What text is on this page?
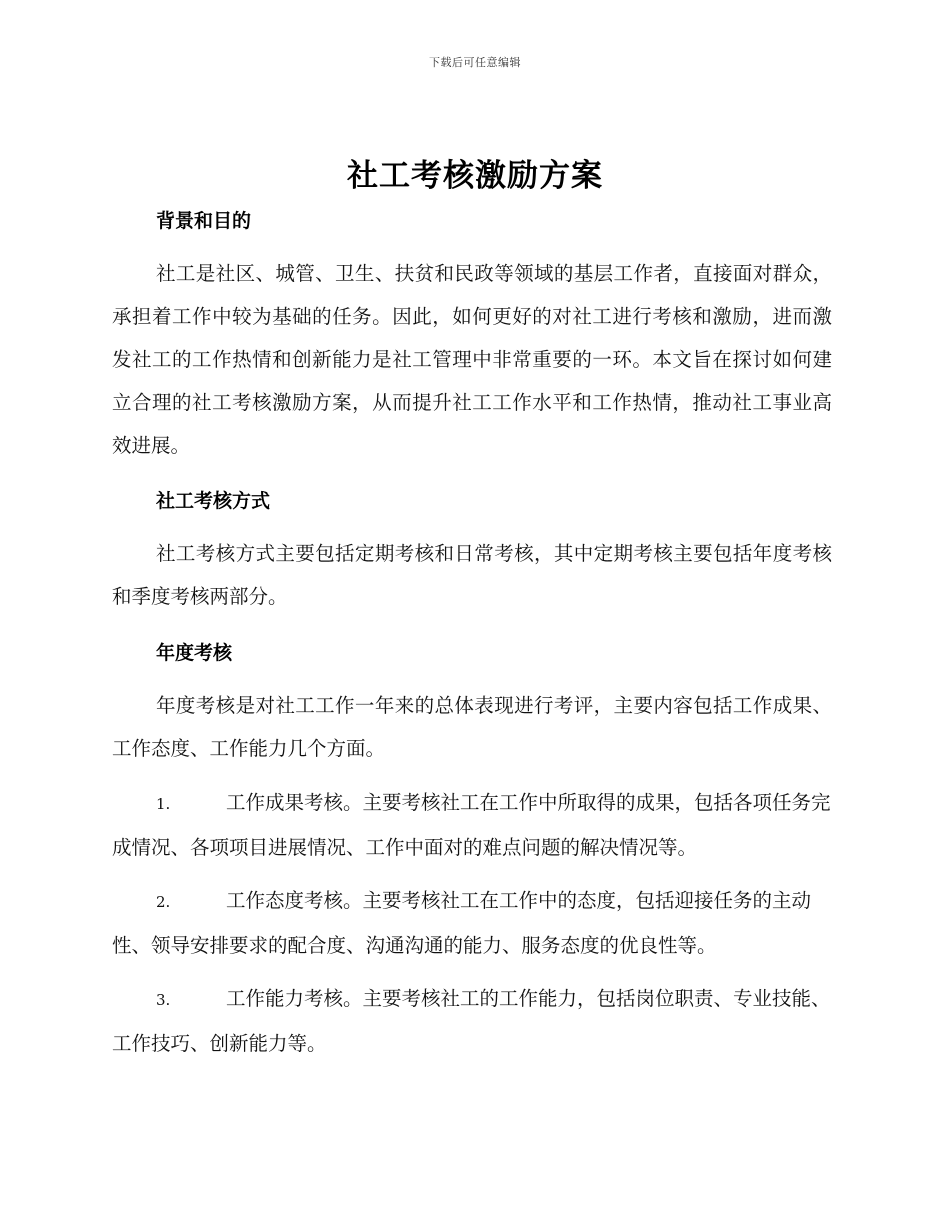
下载后可任意编辑
社工考核激励方案
背景和目的

社工是社区、城管、卫生、扶贫和民政等领域的基层工作者，直接面对群众，承担着工作中较为基础的任务。因此，如何更好的对社工进行考核和激励，进而激发社工的工作热情和创新能力是社工管理中非常重要的一环。本文旨在探讨如何建立合理的社工考核激励方案，从而提升社工工作水平和工作热情，推动社工事业高效进展。

社工考核方式

社工考核方式主要包括定期考核和日常考核，其中定期考核主要包括年度考核和季度考核两部分。

年度考核

年度考核是对社工工作一年来的总体表现进行考评，主要内容包括工作成果、工作态度、工作能力几个方面。

1.	工作成果考核。主要考核社工在工作中所取得的成果，包括各项任务完成情况、各项项目进展情况、工作中面对的难点问题的解决情况等。

2.	工作态度考核。主要考核社工在工作中的态度，包括迎接任务的主动性、领导安排要求的配合度、沟通沟通的能力、服务态度的优良性等。

3.	工作能力考核。主要考核社工的工作能力，包括岗位职责、专业技能、工作技巧、创新能力等。
